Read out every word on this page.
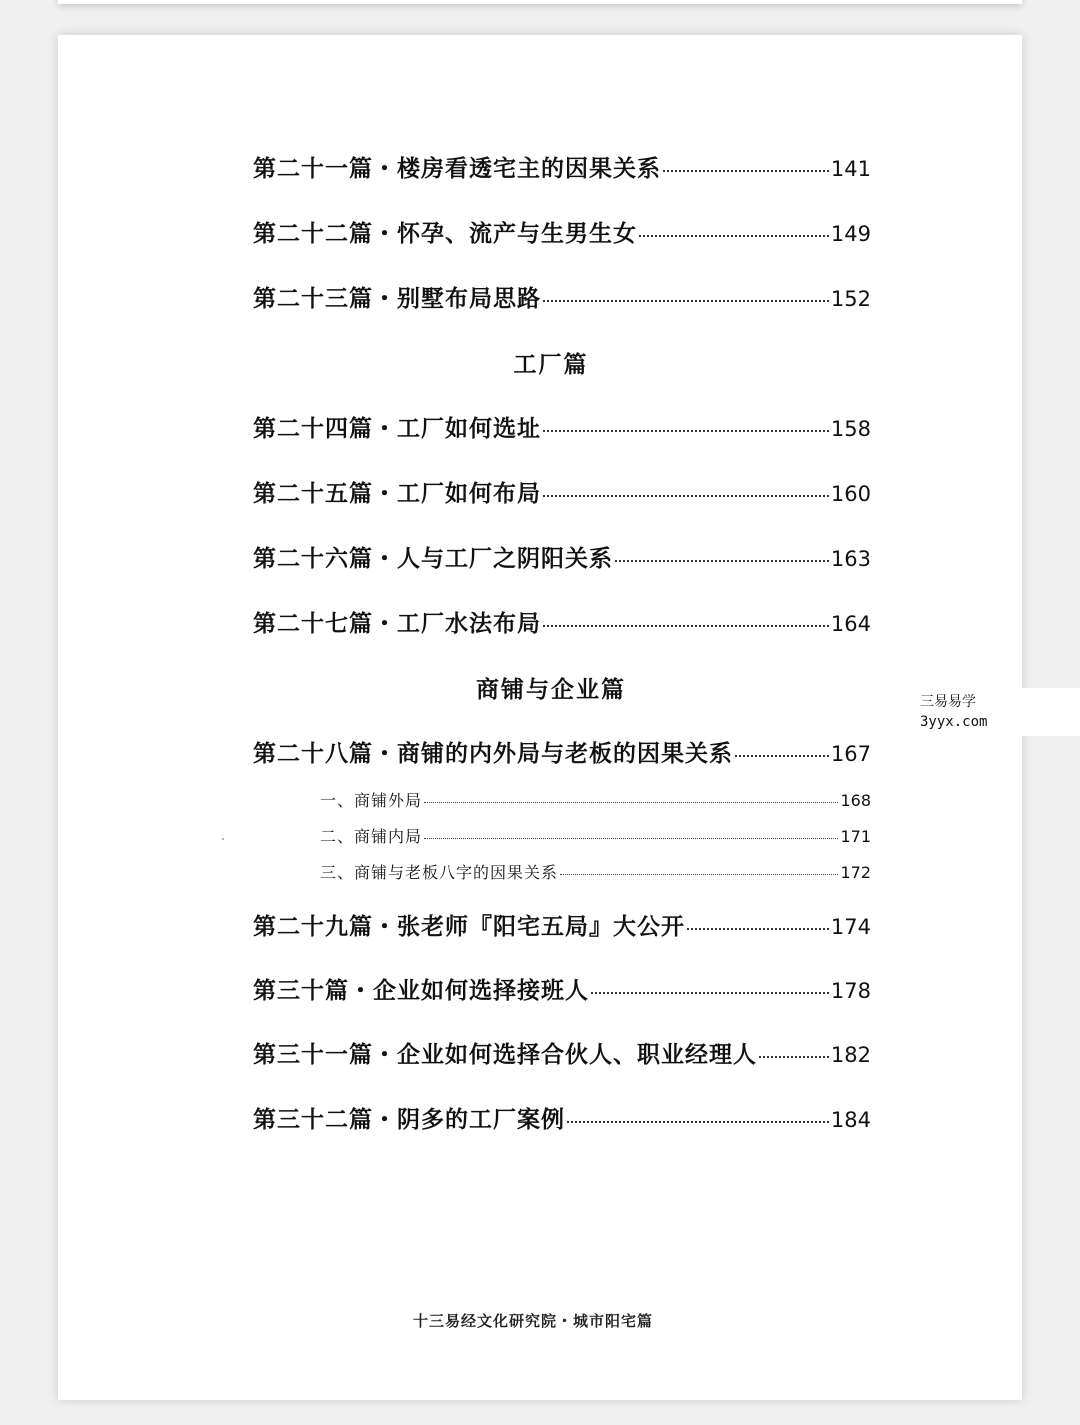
第二十一篇・楼房看透宅主的因果关系	141
第二十二篇・怀孕、流产与生男生女	149
第二十三篇・别墅布局思路	152
工厂篇
第二十四篇・工厂如何选址	158
第二十五篇・工厂如何布局	160
第二十六篇・人与工厂之阴阳关系	163
第二十七篇・工厂水法布局	164
商铺与企业篇
第二十八篇・商铺的内外局与老板的因果关系	167
一、商铺外局	168
二、商铺内局	171
三、商铺与老板八字的因果关系	172
第二十九篇・张老师『阳宅五局』大公开	174
第三十篇・企业如何选择接班人	178
第三十一篇・企业如何选择合伙人、职业经理人	182
第三十二篇・阴多的工厂案例	184
十三易经文化研究院・城市阳宅篇
三易易学
3yyx.com
